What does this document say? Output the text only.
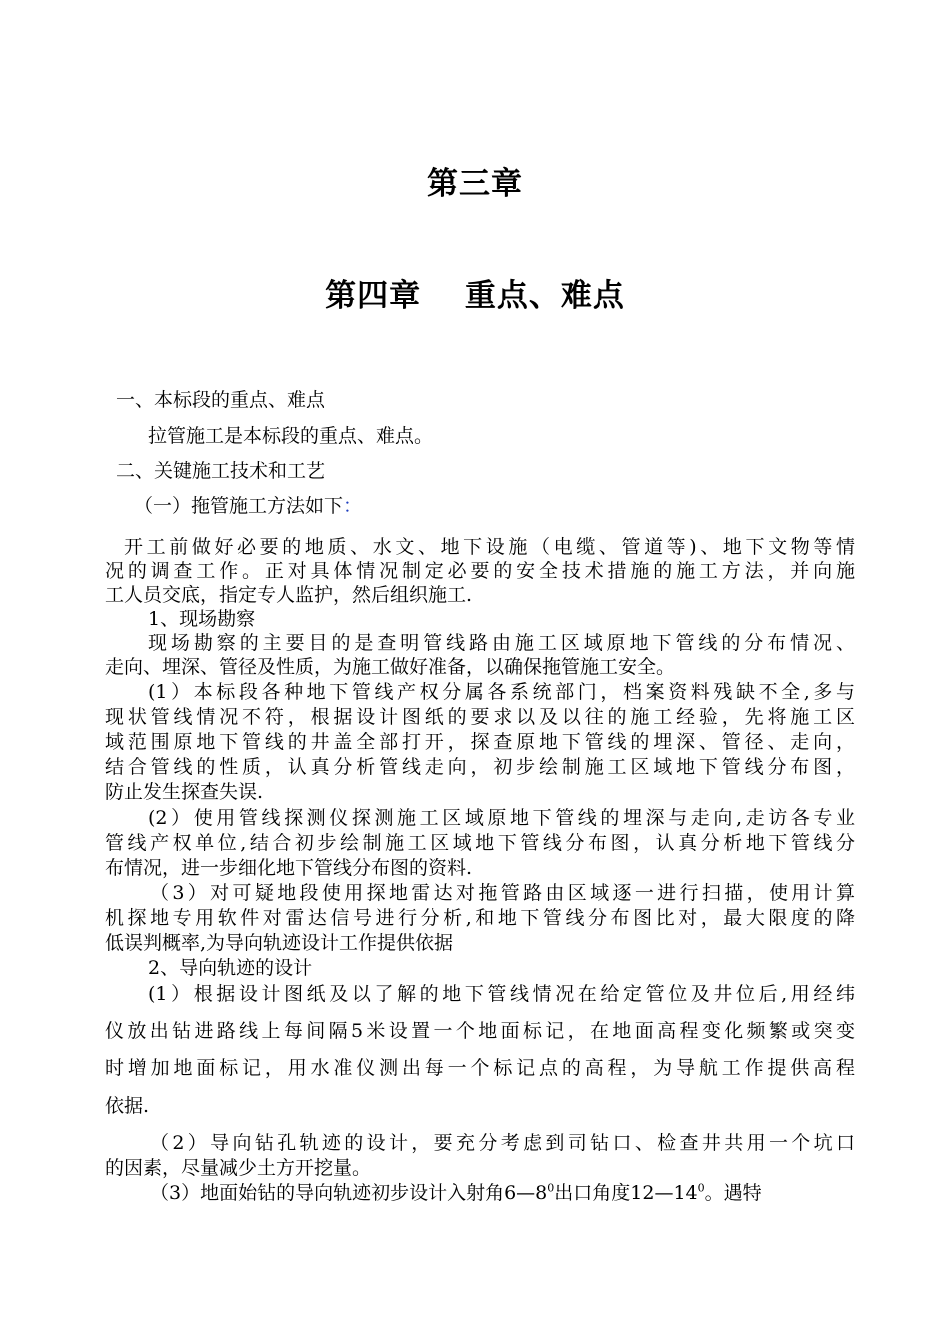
第三章
第四章　 重点、难点
一、本标段的重点、难点
拉管施工是本标段的重点、难点。
二、关键施工技术和工艺
（一）拖管施工方法如下：
开工前做好必要的地质、水文、地下设施（电缆、管道等)、地下文物等情
况的调查工作。正对具体情况制定必要的安全技术措施的施工方法，并向施
工人员交底，指定专人监护，然后组织施工.
1、现场勘察
现场勘察的主要目的是查明管线路由施工区域原地下管线的分布情况、
走向、埋深、管径及性质，为施工做好准备，以确保拖管施工安全。
(1）本标段各种地下管线产权分属各系统部门，档案资料残缺不全,多与
现状管线情况不符，根据设计图纸的要求以及以往的施工经验，先将施工区
域范围原地下管线的井盖全部打开，探查原地下管线的埋深、管径、走向，
结合管线的性质，认真分析管线走向，初步绘制施工区域地下管线分布图，
防止发生探查失误.
(2）使用管线探测仪探测施工区域原地下管线的埋深与走向,走访各专业
管线产权单位,结合初步绘制施工区域地下管线分布图，认真分析地下管线分
布情况，进一步细化地下管线分布图的资料.
（3）对可疑地段使用探地雷达对拖管路由区域逐一进行扫描，使用计算
机探地专用软件对雷达信号进行分析,和地下管线分布图比对，最大限度的降
低误判概率,为导向轨迹设计工作提供依据
2、导向轨迹的设计
(1）根据设计图纸及以了解的地下管线情况在给定管位及井位后,用经纬
仪放出钻进路线上每间隔5米设置一个地面标记，在地面高程变化频繁或突变
时增加地面标记，用水准仪测出每一个标记点的高程，为导航工作提供高程
依据.
（2）导向钻孔轨迹的设计，要充分考虑到司钻口、检查井共用一个坑口
的因素，尽量减少土方开挖量。
（3）地面始钻的导向轨迹初步设计入射角$6—8^0$出口角度$12—14^0$。遇特
